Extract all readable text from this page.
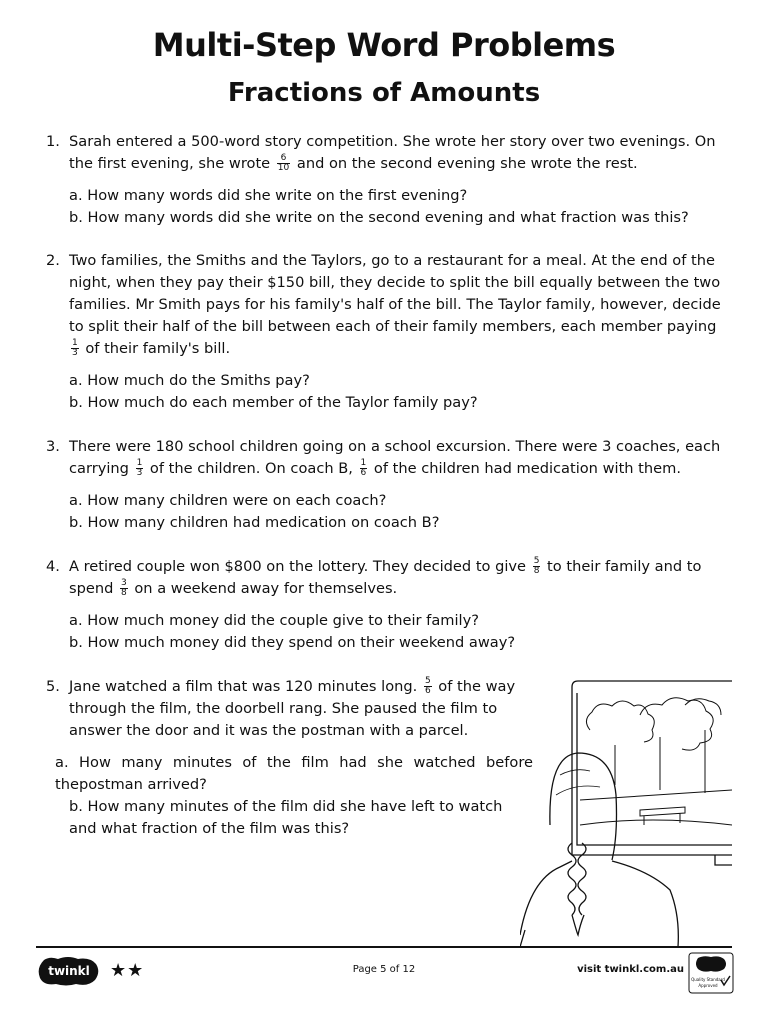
Multi-Step Word Problems
Fractions of Amounts
1. Sarah entered a 500-word story competition. She wrote her story over two evenings. On the first evening, she wrote $\frac{6}{10}$ and on the second evening she wrote the rest.
a. How many words did she write on the first evening?
b. How many words did she write on the second evening and what fraction was this?
2. Two families, the Smiths and the Taylors, go to a restaurant for a meal. At the end of the night, when they pay their $150 bill, they decide to split the bill equally between the two families. Mr Smith pays for his family's half of the bill. The Taylor family, however, decide to split their half of the bill between each of their family members, each member paying
$\frac{1}{3}$ of their family's bill.
a. How much do the Smiths pay?
b. How much do each member of the Taylor family pay?
3. There were 180 school children going on a school excursion. There were 3 coaches, each carrying $\frac{1}{3}$ of the children. On coach B, $\frac{1}{6}$ of the children had medication with them.
a. How many children were on each coach?
b. How many children had medication on coach B?
4. A retired couple won $800 on the lottery. They decided to give $\frac{5}{8}$ to their family and to spend $\frac{3}{8}$ on a weekend away for themselves.
a. How much money did the couple give to their family?
b. How much money did they spend on their weekend away?
5. Jane watched a film that was 120 minutes long. $\frac{5}{6}$ of the way through the film, the doorbell rang. She paused the film to answer the door and it was the postman with a parcel.
a. How many minutes of the film had she watched before thepostman arrived?
b. How many minutes of the film did she have left to watch and what fraction of the film was this?
twinkl ★★	Page 5 of 12	visit twinkl.com.au
Quality Standard
Approved
